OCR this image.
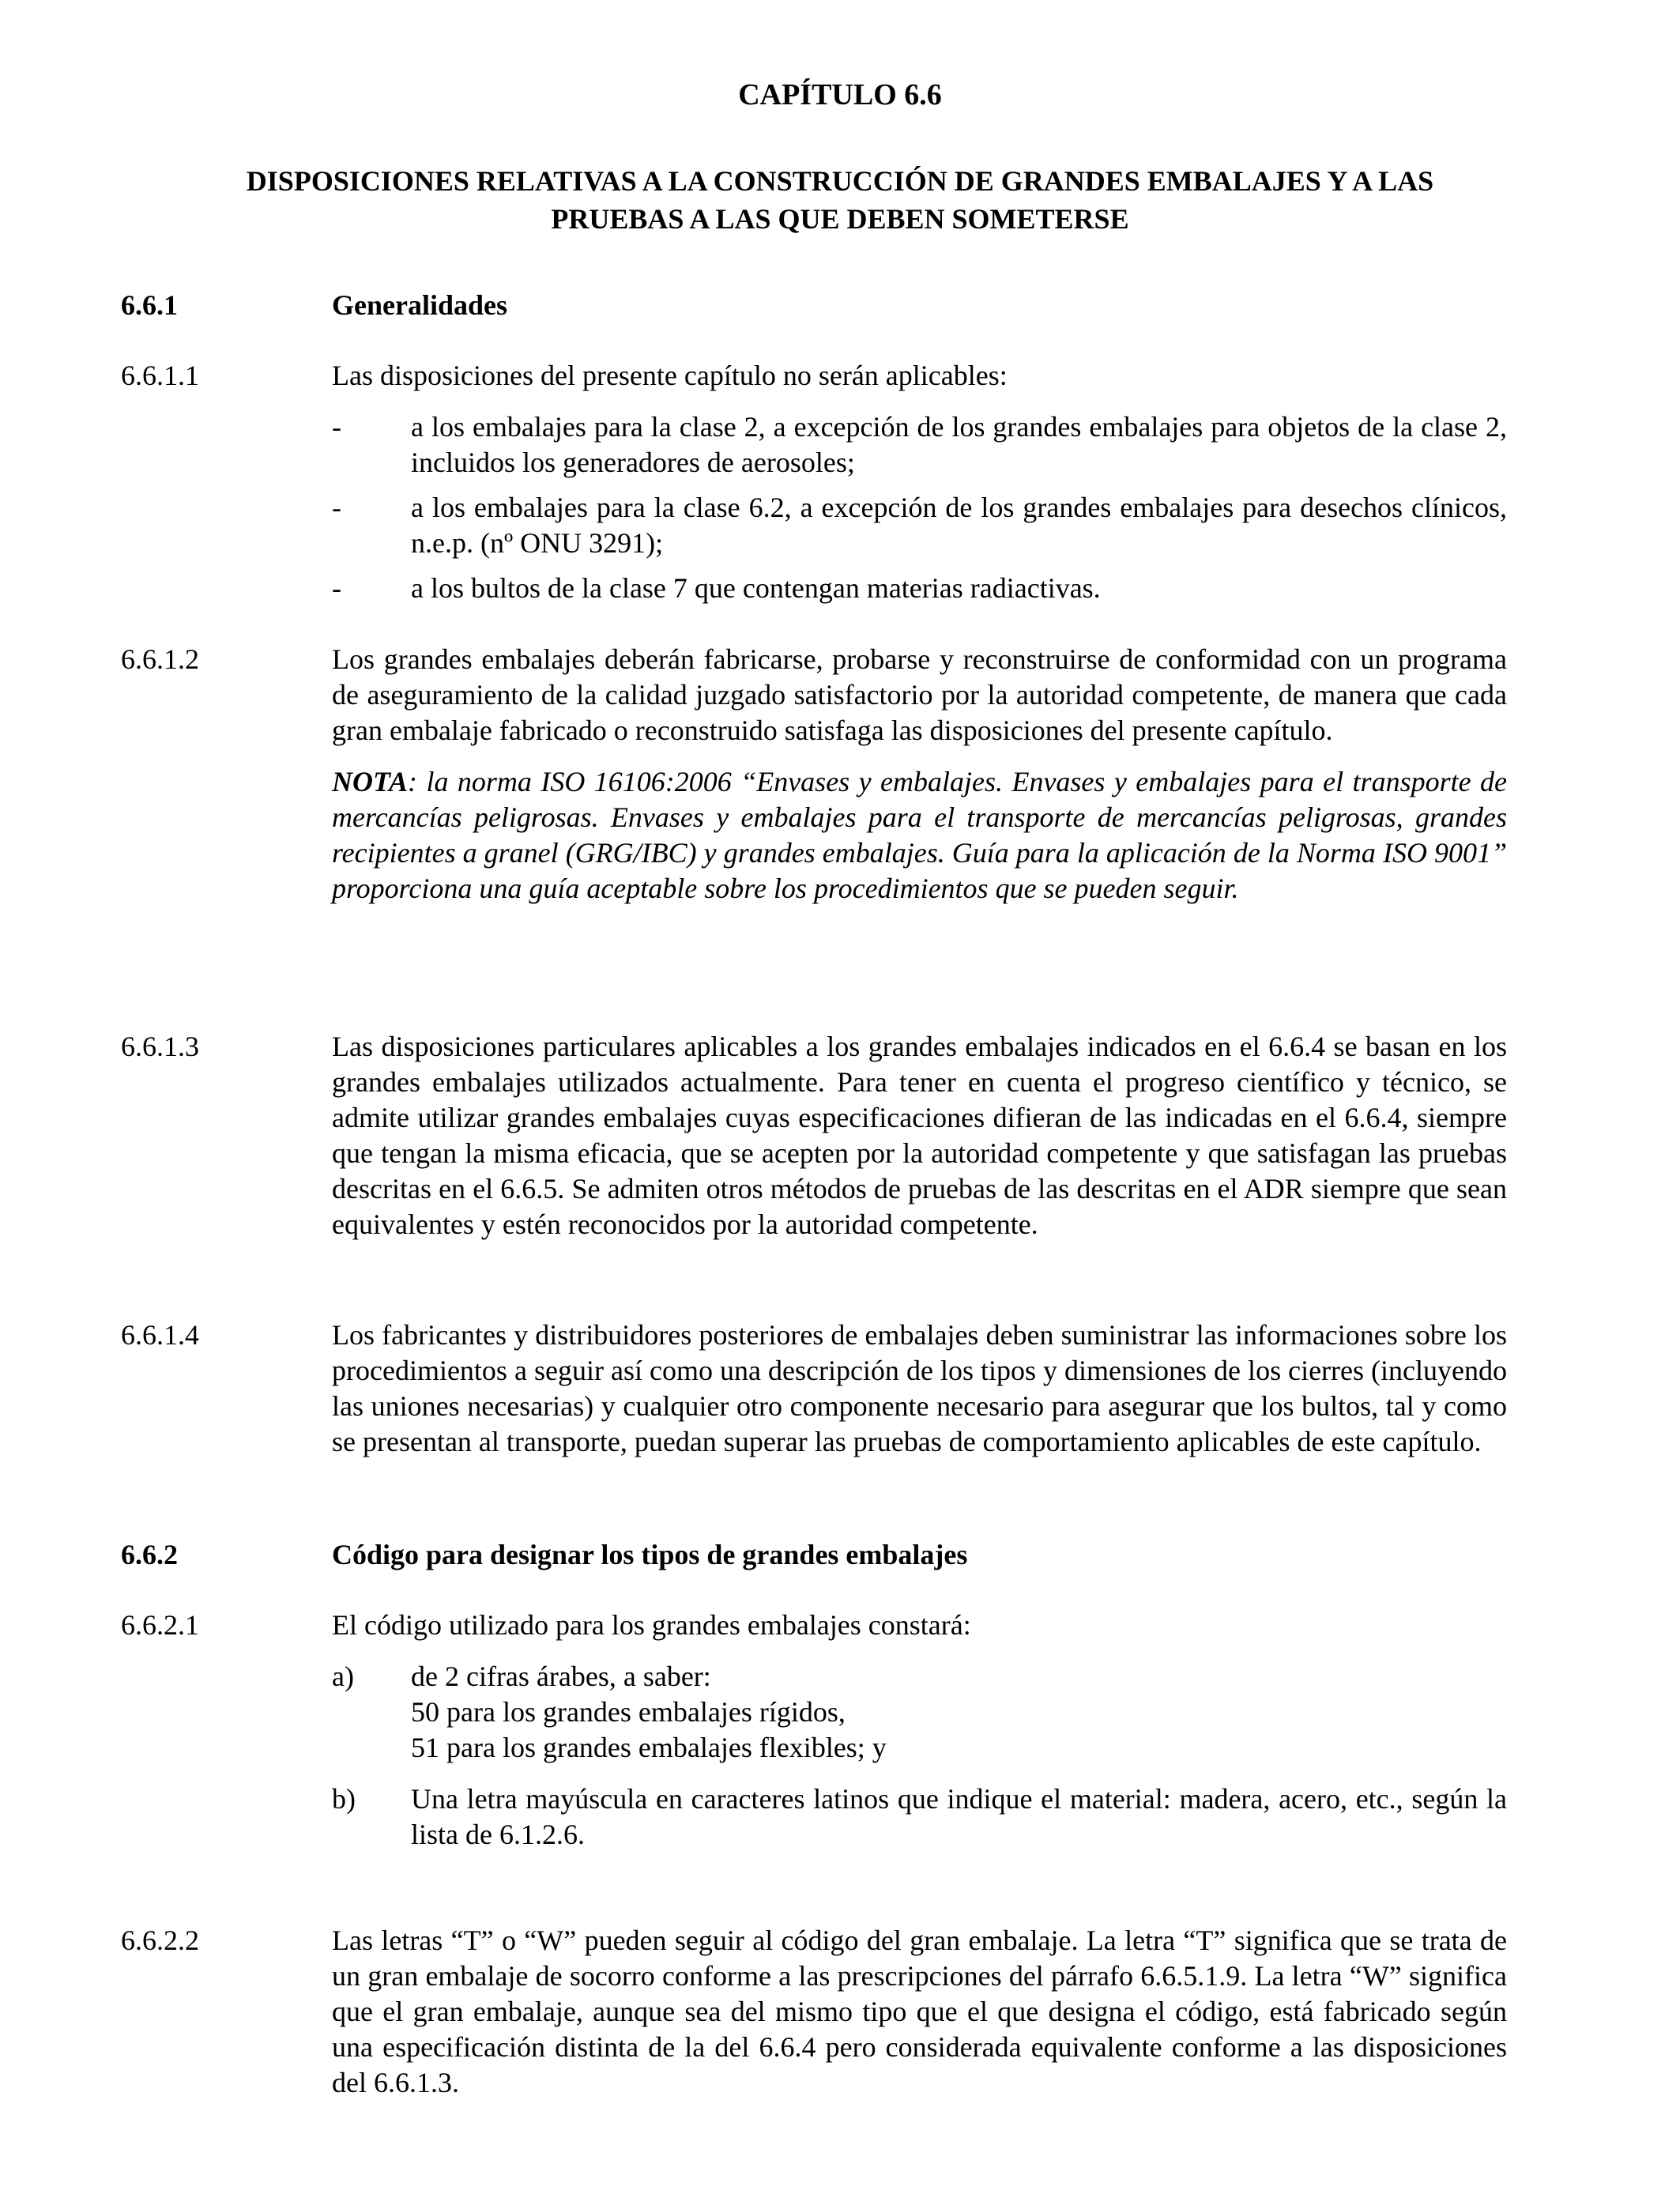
CAPÍTULO 6.6
DISPOSICIONES RELATIVAS A LA CONSTRUCCIÓN DE GRANDES EMBALAJES Y A LAS
PRUEBAS A LAS QUE DEBEN SOMETERSE
6.6.1	Generalidades
6.6.1.1	Las disposiciones del presente capítulo no serán aplicables:
- a los embalajes para la clase 2, a excepción de los grandes embalajes para objetos de la clase 2, incluidos los generadores de aerosoles;
- a los embalajes para la clase 6.2, a excepción de los grandes embalajes para desechos clínicos, n.e.p. (nº ONU 3291);
- a los bultos de la clase 7 que contengan materias radiactivas.
6.6.1.2	Los grandes embalajes deberán fabricarse, probarse y reconstruirse de conformidad con un programa de aseguramiento de la calidad juzgado satisfactorio por la autoridad competente, de manera que cada gran embalaje fabricado o reconstruido satisfaga las disposiciones del presente capítulo.
NOTA: la norma ISO 16106:2006 “Envases y embalajes. Envases y embalajes para el transporte de mercancías peligrosas. Envases y embalajes para el transporte de mercancías peligrosas, grandes recipientes a granel (GRG/IBC) y grandes embalajes. Guía para la aplicación de la Norma ISO 9001” proporciona una guía aceptable sobre los procedimientos que se pueden seguir.
6.6.1.3	Las disposiciones particulares aplicables a los grandes embalajes indicados en el 6.6.4 se basan en los grandes embalajes utilizados actualmente. Para tener en cuenta el progreso científico y técnico, se admite utilizar grandes embalajes cuyas especificaciones difieran de las indicadas en el 6.6.4, siempre que tengan la misma eficacia, que se acepten por la autoridad competente y que satisfagan las pruebas descritas en el 6.6.5. Se admiten otros métodos de pruebas de las descritas en el ADR siempre que sean equivalentes y estén reconocidos por la autoridad competente.
6.6.1.4	Los fabricantes y distribuidores posteriores de embalajes deben suministrar las informaciones sobre los procedimientos a seguir así como una descripción de los tipos y dimensiones de los cierres (incluyendo las uniones necesarias) y cualquier otro componente necesario para asegurar que los bultos, tal y como se presentan al transporte, puedan superar las pruebas de comportamiento aplicables de este capítulo.
6.6.2	Código para designar los tipos de grandes embalajes
6.6.2.1	El código utilizado para los grandes embalajes constará:
a) de 2 cifras árabes, a saber:
50 para los grandes embalajes rígidos,
51 para los grandes embalajes flexibles; y
b) Una letra mayúscula en caracteres latinos que indique el material: madera, acero, etc., según la lista de 6.1.2.6.
6.6.2.2	Las letras “T” o “W” pueden seguir al código del gran embalaje. La letra “T” significa que se trata de un gran embalaje de socorro conforme a las prescripciones del párrafo 6.6.5.1.9. La letra “W” significa que el gran embalaje, aunque sea del mismo tipo que el que designa el código, está fabricado según una especificación distinta de la del 6.6.4 pero considerada equivalente conforme a las disposiciones del 6.6.1.3.
